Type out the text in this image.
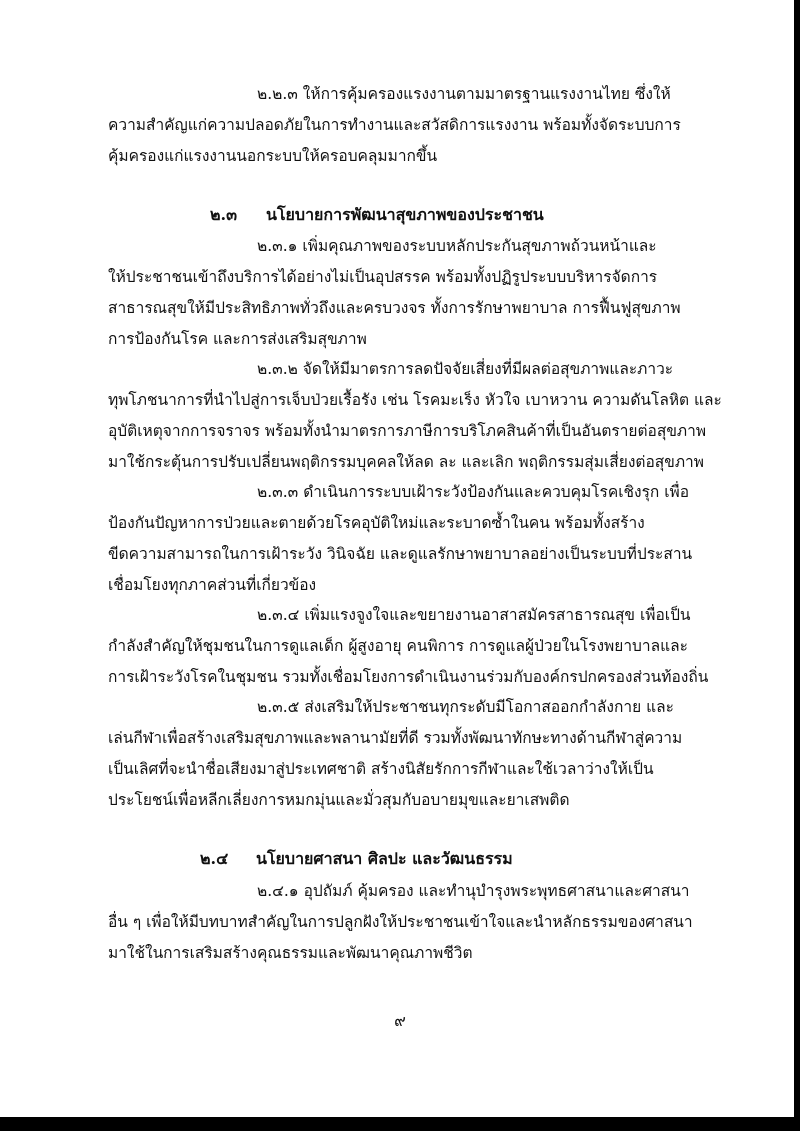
๒.๒.๓ ให้การคุ้มครองแรงงานตามมาตรฐานแรงงานไทย ซึ่งให้
ความสำคัญแก่ความปลอดภัยในการทำงานและสวัสดิการแรงงาน พร้อมทั้งจัดระบบการ
คุ้มครองแก่แรงงานนอกระบบให้ครอบคลุมมากขึ้น
๒.๓ นโยบายการพัฒนาสุขภาพของประชาชน
๒.๓.๑ เพิ่มคุณภาพของระบบหลักประกันสุขภาพถ้วนหน้าและ
ให้ประชาชนเข้าถึงบริการได้อย่างไม่เป็นอุปสรรค พร้อมทั้งปฏิรูประบบบริหารจัดการ
สาธารณสุขให้มีประสิทธิภาพทั่วถึงและครบวงจร ทั้งการรักษาพยาบาล การฟื้นฟูสุขภาพ
การป้องกันโรค และการส่งเสริมสุขภาพ
๒.๓.๒ จัดให้มีมาตรการลดปัจจัยเสี่ยงที่มีผลต่อสุขภาพและภาวะ
ทุพโภชนาการที่นำไปสู่การเจ็บป่วยเรื้อรัง เช่น โรคมะเร็ง หัวใจ เบาหวาน ความดันโลหิต และ
อุบัติเหตุจากการจราจร พร้อมทั้งนำมาตรการภาษีการบริโภคสินค้าที่เป็นอันตรายต่อสุขภาพ
มาใช้กระตุ้นการปรับเปลี่ยนพฤติกรรมบุคคลให้ลด ละ และเลิก พฤติกรรมสุ่มเสี่ยงต่อสุขภาพ
๒.๓.๓ ดำเนินการระบบเฝ้าระวังป้องกันและควบคุมโรคเชิงรุก เพื่อ
ป้องกันปัญหาการป่วยและตายด้วยโรคอุบัติใหม่และระบาดซ้ำในคน พร้อมทั้งสร้าง
ขีดความสามารถในการเฝ้าระวัง วินิจฉัย และดูแลรักษาพยาบาลอย่างเป็นระบบที่ประสาน
เชื่อมโยงทุกภาคส่วนที่เกี่ยวข้อง
๒.๓.๔ เพิ่มแรงจูงใจและขยายงานอาสาสมัครสาธารณสุข เพื่อเป็น
กำลังสำคัญให้ชุมชนในการดูแลเด็ก ผู้สูงอายุ คนพิการ การดูแลผู้ป่วยในโรงพยาบาลและ
การเฝ้าระวังโรคในชุมชน รวมทั้งเชื่อมโยงการดำเนินงานร่วมกับองค์กรปกครองส่วนท้องถิ่น
๒.๓.๕ ส่งเสริมให้ประชาชนทุกระดับมีโอกาสออกกำลังกาย และ
เล่นกีฬาเพื่อสร้างเสริมสุขภาพและพลานามัยที่ดี รวมทั้งพัฒนาทักษะทางด้านกีฬาสู่ความ
เป็นเลิศที่จะนำชื่อเสียงมาสู่ประเทศชาติ สร้างนิสัยรักการกีฬาและใช้เวลาว่างให้เป็น
ประโยชน์เพื่อหลีกเลี่ยงการหมกมุ่นและมั่วสุมกับอบายมุขและยาเสพติด
๒.๔ นโยบายศาสนา ศิลปะ และวัฒนธรรม
๒.๔.๑ อุปถัมภ์ คุ้มครอง และทำนุบำรุงพระพุทธศาสนาและศาสนา
อื่น ๆ เพื่อให้มีบทบาทสำคัญในการปลูกฝังให้ประชาชนเข้าใจและนำหลักธรรมของศาสนา
มาใช้ในการเสริมสร้างคุณธรรมและพัฒนาคุณภาพชีวิต
๙
